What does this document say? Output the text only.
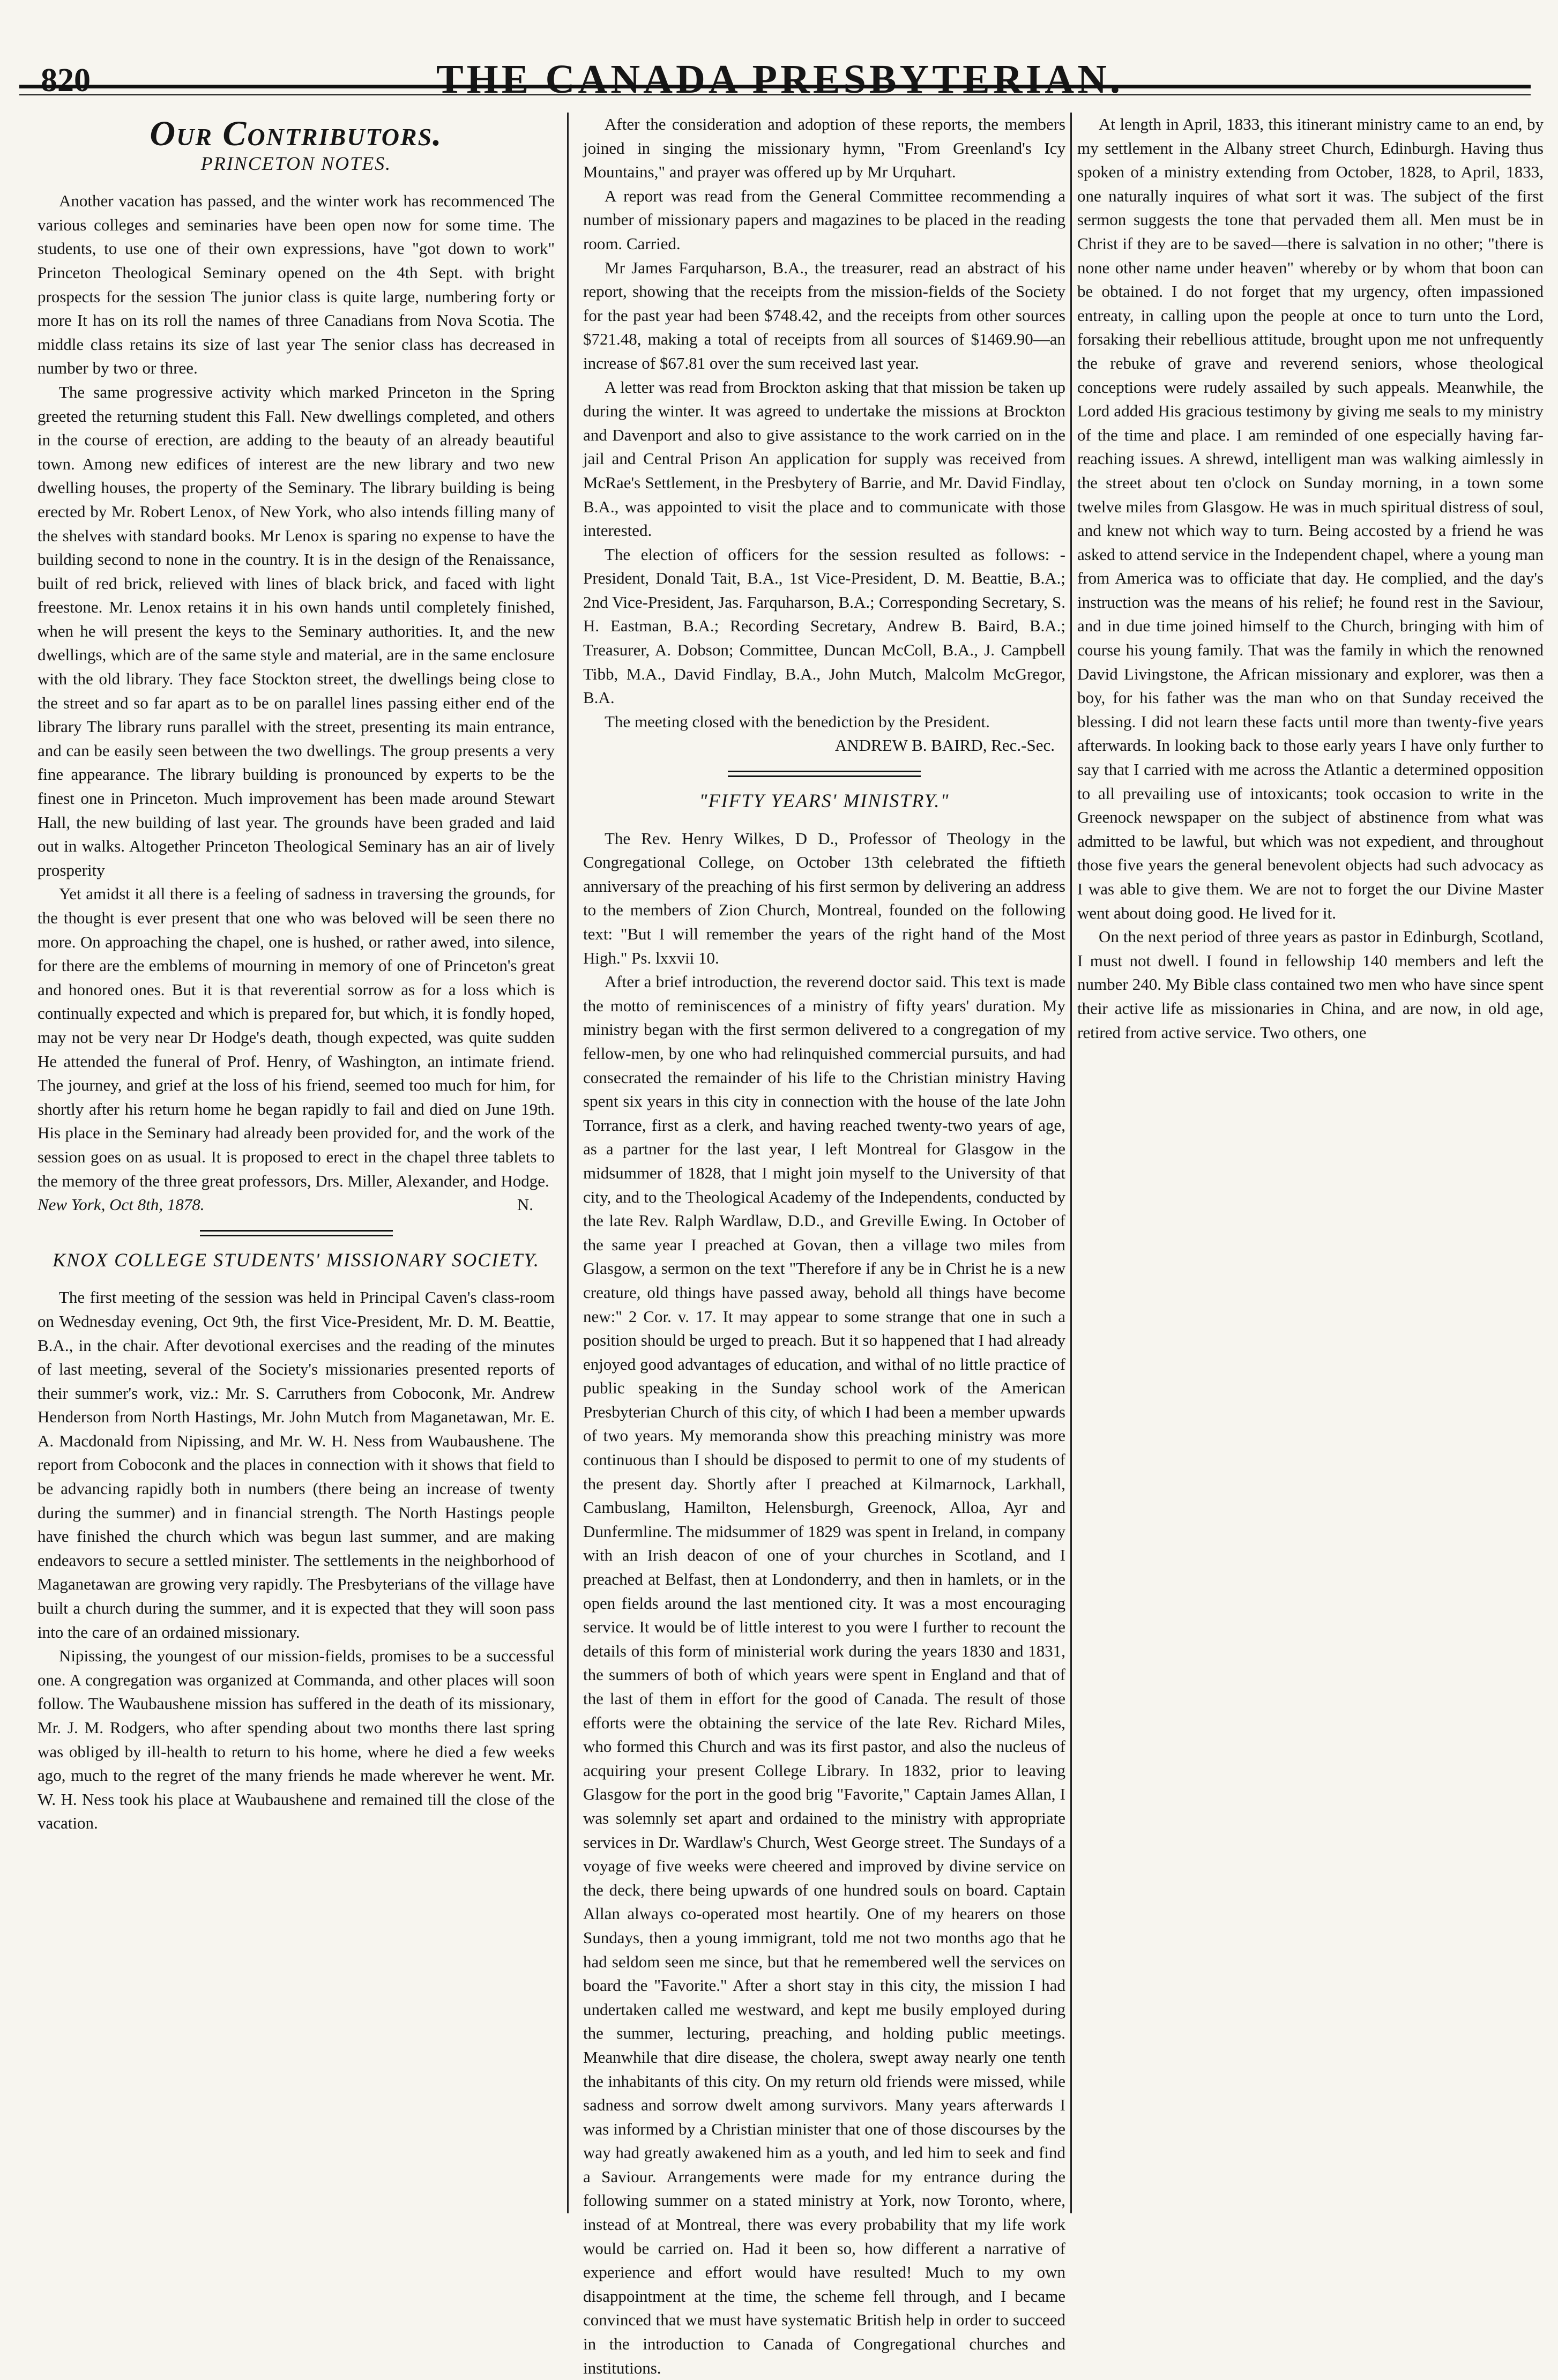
820	THE CANADA PRESBYTERIAN.
Our Contributors.
PRINCETON NOTES.

Another vacation has passed, and the winter work has recommenced The various colleges and seminaries have been open now for some time. The students, to use one of their own expressions, have "got down to work" Princeton Theological Seminary opened on the 4th Sept. with bright prospects for the session The junior class is quite large, numbering forty or more It has on its roll the names of three Canadians from Nova Scotia. The middle class retains its size of last year The senior class has decreased in number by two or three.

The same progressive activity which marked Princeton in the Spring greeted the returning student this Fall. New dwellings completed, and others in the course of erection, are adding to the beauty of an already beautiful town. Among new edifices of interest are the new library and two new dwelling houses, the property of the Seminary. The library building is being erected by Mr. Robert Lenox, of New York, who also intends filling many of the shelves with standard books. Mr Lenox is sparing no expense to have the building second to none in the country. It is in the design of the Renaissance, built of red brick, relieved with lines of black brick, and faced with light freestone. Mr. Lenox retains it in his own hands until completely finished, when he will present the keys to the Seminary authorities. It, and the new dwellings, which are of the same style and material, are in the same enclosure with the old library. They face Stockton street, the dwellings being close to the street and so far apart as to be on parallel lines passing either end of the library The library runs parallel with the street, presenting its main entrance, and can be easily seen between the two dwellings. The group presents a very fine appearance. The library building is pronounced by experts to be the finest one in Princeton. Much improvement has been made around Stewart Hall, the new building of last year. The grounds have been graded and laid out in walks. Altogether Princeton Theological Seminary has an air of lively prosperity

Yet amidst it all there is a feeling of sadness in traversing the grounds, for the thought is ever present that one who was beloved will be seen there no more. On approaching the chapel, one is hushed, or rather awed, into silence, for there are the emblems of mourning in memory of one of Princeton's great and honored ones. But it is that reverential sorrow as for a loss which is continually expected and which is prepared for, but which, it is fondly hoped, may not be very near Dr Hodge's death, though expected, was quite sudden He attended the funeral of Prof. Henry, of Washington, an intimate friend. The journey, and grief at the loss of his friend, seemed too much for him, for shortly after his return home he began rapidly to fail and died on June 19th. His place in the Seminary had already been provided for, and the work of the session goes on as usual. It is proposed to erect in the chapel three tablets to the memory of the three great professors, Drs. Miller, Alexander, and Hodge.

New York, Oct 8th, 1878.	N.
KNOX COLLEGE STUDENTS' MISSIONARY SOCIETY.

The first meeting of the session was held in Principal Caven's class-room on Wednesday evening, Oct 9th, the first Vice-President, Mr. D. M. Beattie, B.A., in the chair. After devotional exercises and the reading of the minutes of last meeting, several of the Society's missionaries presented reports of their summer's work, viz.: Mr. S. Carruthers from Coboconk, Mr. Andrew Henderson from North Hastings, Mr. John Mutch from Maganetawan, Mr. E. A. Macdonald from Nipissing, and Mr. W. H. Ness from Waubaushene. The report from Coboconk and the places in connection with it shows that field to be advancing rapidly both in numbers (there being an increase of twenty during the summer) and in financial strength. The North Hastings people have finished the church which was begun last summer, and are making endeavors to secure a settled minister. The settlements in the neighborhood of Maganetawan are growing very rapidly. The Presbyterians of the village have built a church during the summer, and it is expected that they will soon pass into the care of an ordained missionary.

Nipissing, the youngest of our mission-fields, promises to be a successful one. A congregation was organized at Commanda, and other places will soon follow. The Waubaushene mission has suffered in the death of its missionary, Mr. J. M. Rodgers, who after spending about two months there last spring was obliged by ill-health to return to his home, where he died a few weeks ago, much to the regret of the many friends he made wherever he went. Mr. W. H. Ness took his place at Waubaushene and remained till the close of the vacation.

After the consideration and adoption of these reports, the members joined in singing the missionary hymn, "From Greenland's Icy Mountains," and prayer was offered up by Mr Urquhart.

A report was read from the General Committee recommending a number of missionary papers and magazines to be placed in the reading room. Carried.

Mr James Farquharson, B.A., the treasurer, read an abstract of his report, showing that the receipts from the mission-fields of the Society for the past year had been $748.42, and the receipts from other sources $721.48, making a total of receipts from all sources of $1469.90—an increase of $67.81 over the sum received last year.

A letter was read from Brockton asking that that mission be taken up during the winter. It was agreed to undertake the missions at Brockton and Davenport and also to give assistance to the work carried on in the jail and Central Prison An application for supply was received from McRae's Settlement, in the Presbytery of Barrie, and Mr. David Findlay, B.A., was appointed to visit the place and to communicate with those interested.

The election of officers for the session resulted as follows: -President, Donald Tait, B.A., 1st Vice-President, D. M. Beattie, B.A.; 2nd Vice-President, Jas. Farquharson, B.A.; Corresponding Secretary, S. H. Eastman, B.A.; Recording Secretary, Andrew B. Baird, B.A.; Treasurer, A. Dobson; Committee, Duncan McColl, B.A., J. Campbell Tibb, M.A., David Findlay, B.A., John Mutch, Malcolm McGregor, B.A.

The meeting closed with the benediction by the President.

ANDREW B. BAIRD, Rec.-Sec.
"FIFTY YEARS' MINISTRY."

The Rev. Henry Wilkes, D D., Professor of Theology in the Congregational College, on October 13th celebrated the fiftieth anniversary of the preaching of his first sermon by delivering an address to the members of Zion Church, Montreal, founded on the following text: "But I will remember the years of the right hand of the Most High." Ps. lxxvii 10.

After a brief introduction, the reverend doctor said. This text is made the motto of reminiscences of a ministry of fifty years' duration. My ministry began with the first sermon delivered to a congregation of my fellow-men, by one who had relinquished commercial pursuits, and had consecrated the remainder of his life to the Christian ministry Having spent six years in this city in connection with the house of the late John Torrance, first as a clerk, and having reached twenty-two years of age, as a partner for the last year, I left Montreal for Glasgow in the midsummer of 1828, that I might join myself to the University of that city, and to the Theological Academy of the Independents, conducted by the late Rev. Ralph Wardlaw, D.D., and Greville Ewing. In October of the same year I preached at Govan, then a village two miles from Glasgow, a sermon on the text "Therefore if any be in Christ he is a new creature, old things have passed away, behold all things have become new:" 2 Cor. v. 17. It may appear to some strange that one in such a position should be urged to preach. But it so happened that I had already enjoyed good advantages of education, and withal of no little practice of public speaking in the Sunday school work of the American Presbyterian Church of this city, of which I had been a member upwards of two years. My memoranda show this preaching ministry was more continuous than I should be disposed to permit to one of my students of the present day. Shortly after I preached at Kilmarnock, Larkhall, Cambuslang, Hamilton, Helensburgh, Greenock, Alloa, Ayr and Dunfermline. The midsummer of 1829 was spent in Ireland, in company with an Irish deacon of one of your churches in Scotland, and I preached at Belfast, then at Londonderry, and then in hamlets, or in the open fields around the last mentioned city. It was a most encouraging service. It would be of little interest to you were I further to recount the details of this form of ministerial work during the years 1830 and 1831, the summers of both of which years were spent in England and that of the last of them in effort for the good of Canada. The result of those efforts were the obtaining the service of the late Rev. Richard Miles, who formed this Church and was its first pastor, and also the nucleus of acquiring your present College Library. In 1832, prior to leaving Glasgow for the port in the good brig "Favorite," Captain James Allan, I was solemnly set apart and ordained to the ministry with appropriate services in Dr. Wardlaw's Church, West George street. The Sundays of a voyage of five weeks were cheered and improved by divine service on the deck, there being upwards of one hundred souls on board. Captain Allan always co-operated most heartily. One of my hearers on those Sundays, then a young immigrant, told me not two months ago that he had seldom seen me since, but that he remembered well the services on board the "Favorite." After a short stay in this city, the mission I had undertaken called me westward, and kept me busily employed during the summer, lecturing, preaching, and holding public meetings. Meanwhile that dire disease, the cholera, swept away nearly one tenth the inhabitants of this city. On my return old friends were missed, while sadness and sorrow dwelt among survivors. Many years afterwards I was informed by a Christian minister that one of those discourses by the way had greatly awakened him as a youth, and led him to seek and find a Saviour. Arrangements were made for my entrance during the following summer on a stated ministry at York, now Toronto, where, instead of at Montreal, there was every probability that my life work would be carried on. Had it been so, how different a narrative of experience and effort would have resulted! Much to my own disappointment at the time, the scheme fell through, and I became convinced that we must have systematic British help in order to succeed in the introduction to Canada of Congregational churches and institutions.

At length in April, 1833, this itinerant ministry came to an end, by my settlement in the Albany street Church, Edinburgh. Having thus spoken of a ministry extending from October, 1828, to April, 1833, one naturally inquires of what sort it was. The subject of the first sermon suggests the tone that pervaded them all. Men must be in Christ if they are to be saved—there is salvation in no other; "there is none other name under heaven" whereby or by whom that boon can be obtained. I do not forget that my urgency, often impassioned entreaty, in calling upon the people at once to turn unto the Lord, forsaking their rebellious attitude, brought upon me not unfrequently the rebuke of grave and reverend seniors, whose theological conceptions were rudely assailed by such appeals. Meanwhile, the Lord added His gracious testimony by giving me seals to my ministry of the time and place. I am reminded of one especially having far-reaching issues. A shrewd, intelligent man was walking aimlessly in the street about ten o'clock on Sunday morning, in a town some twelve miles from Glasgow. He was in much spiritual distress of soul, and knew not which way to turn. Being accosted by a friend he was asked to attend service in the Independent chapel, where a young man from America was to officiate that day. He complied, and the day's instruction was the means of his relief; he found rest in the Saviour, and in due time joined himself to the Church, bringing with him of course his young family. That was the family in which the renowned David Livingstone, the African missionary and explorer, was then a boy, for his father was the man who on that Sunday received the blessing. I did not learn these facts until more than twenty-five years afterwards. In looking back to those early years I have only further to say that I carried with me across the Atlantic a determined opposition to all prevailing use of intoxicants; took occasion to write in the Greenock newspaper on the subject of abstinence from what was admitted to be lawful, but which was not expedient, and throughout those five years the general benevolent objects had such advocacy as I was able to give them. We are not to forget the our Divine Master went about doing good. He lived for it.

On the next period of three years as pastor in Edinburgh, Scotland, I must not dwell. I found in fellowship 140 members and left the number 240. My Bible class contained two men who have since spent their active life as missionaries in China, and are now, in old age, retired from active service. Two others, one
